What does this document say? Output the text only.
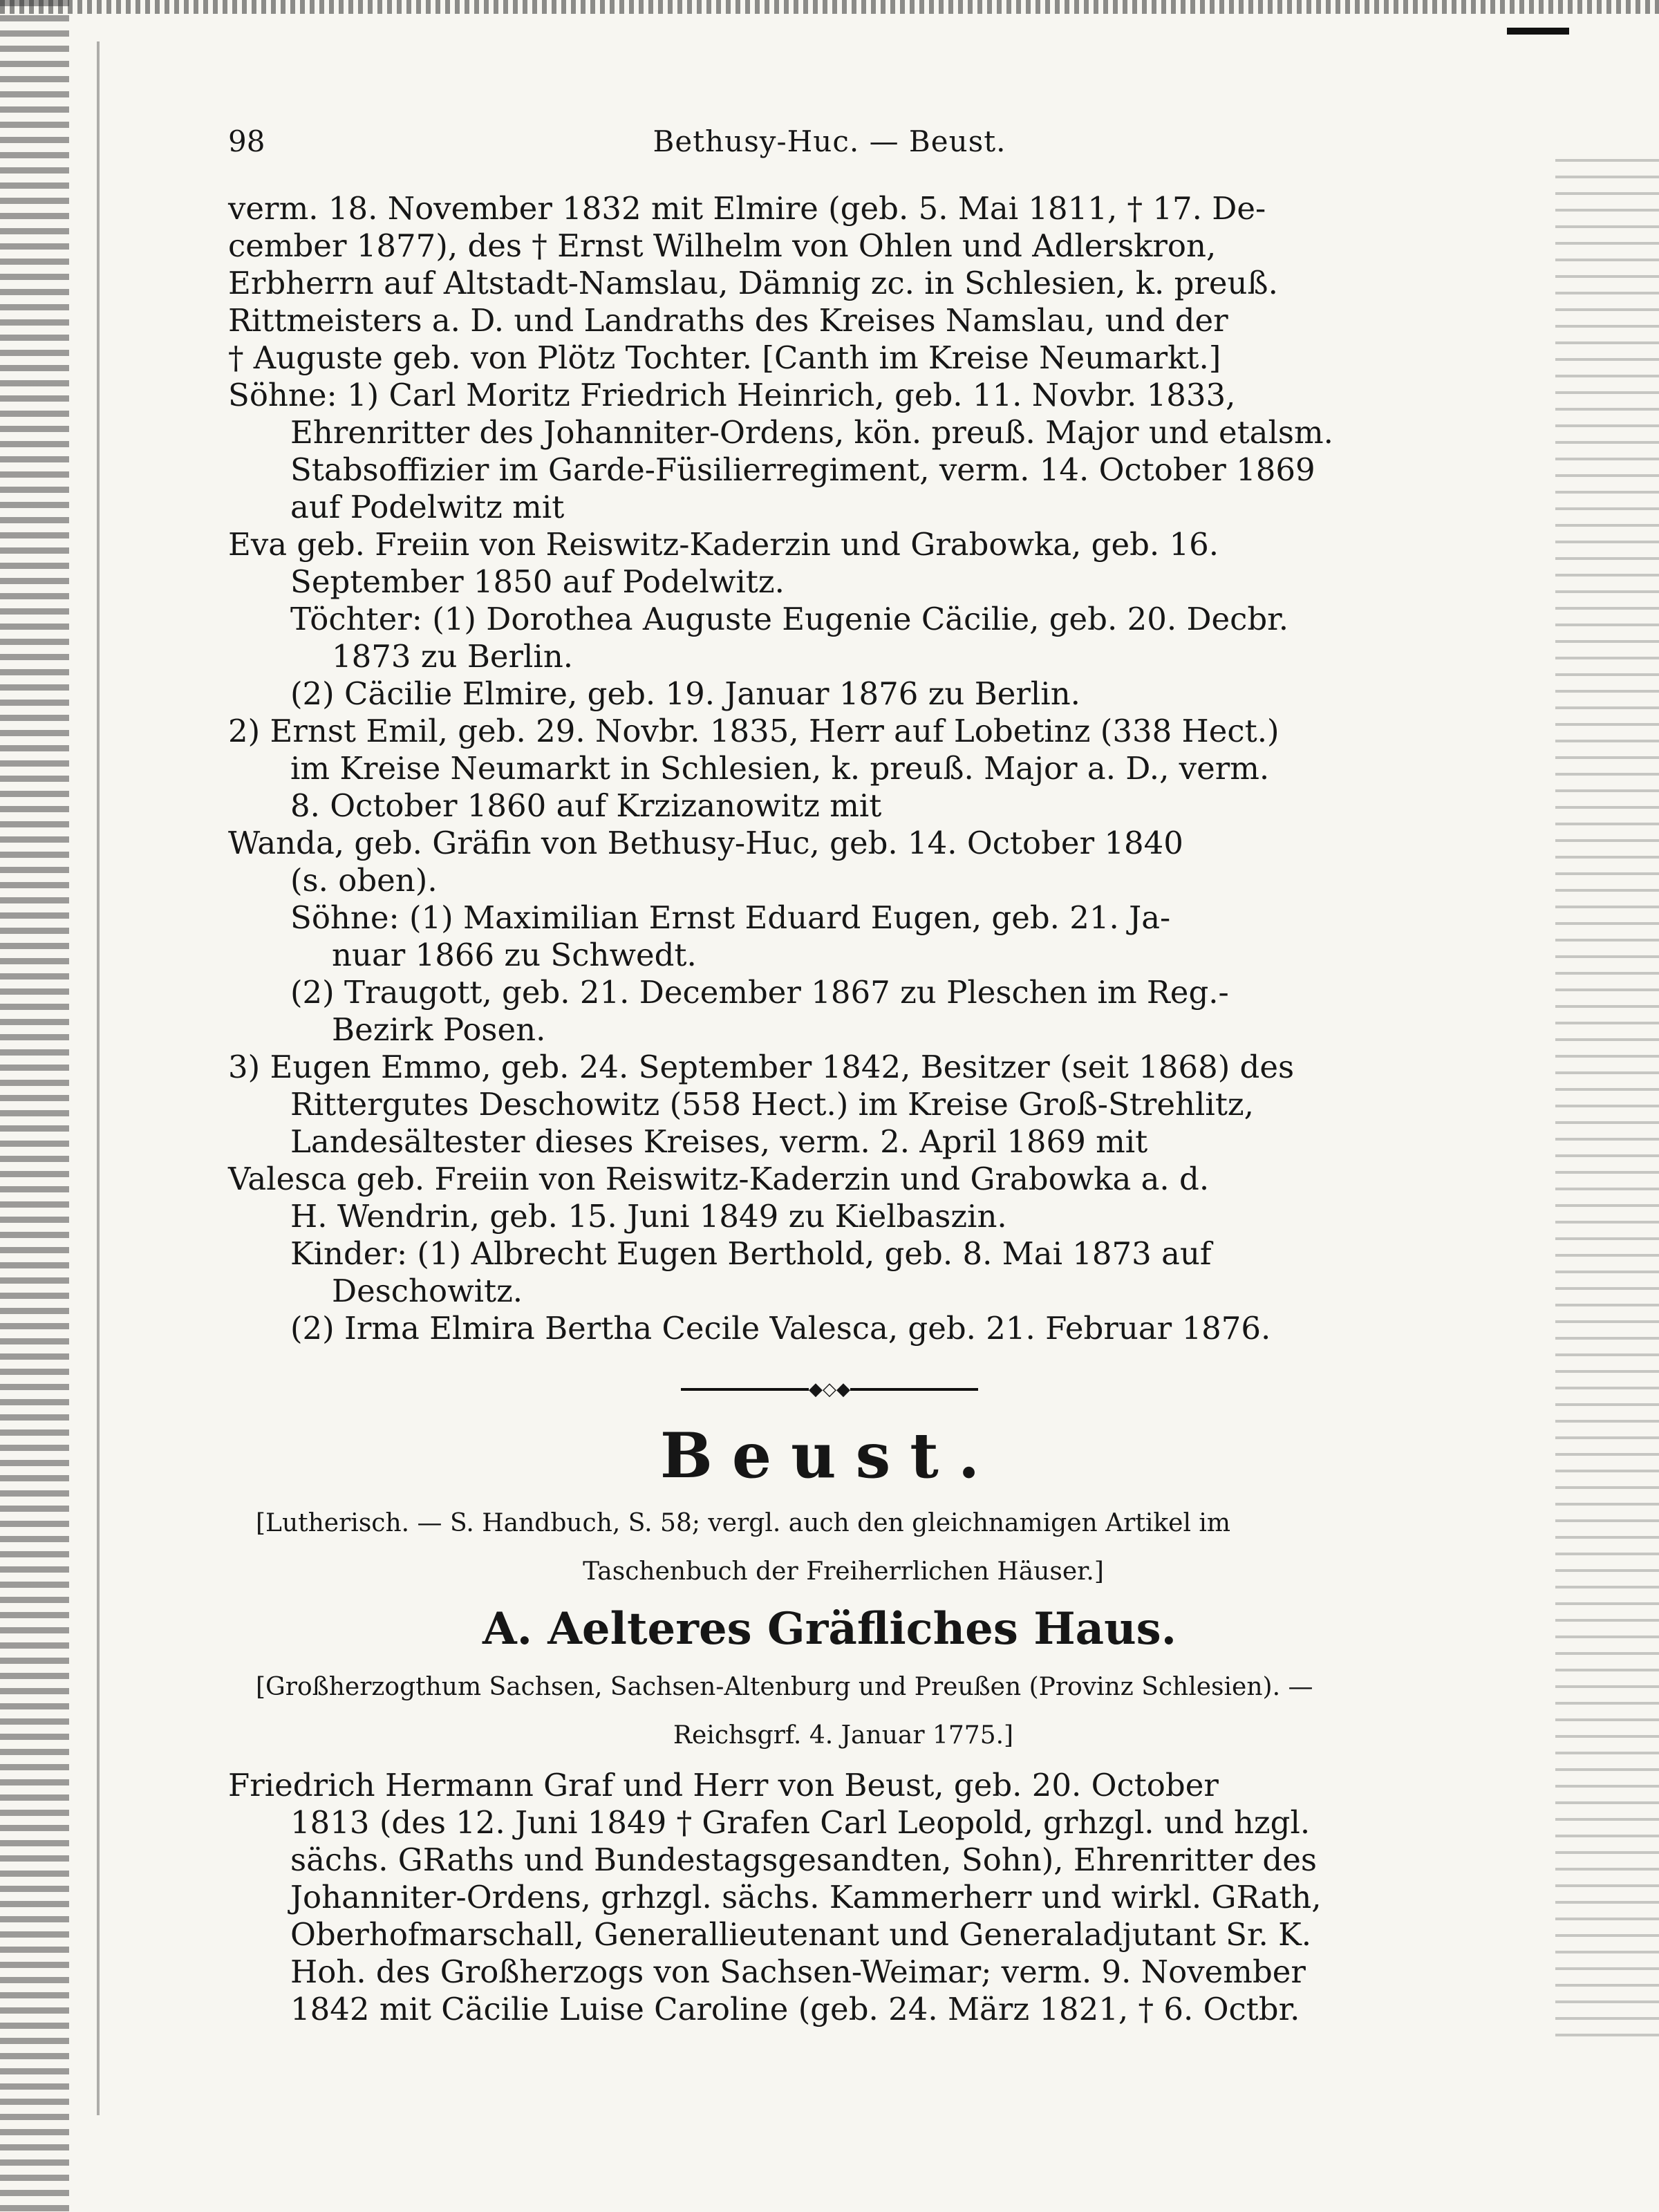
98	Bethusy-Huc. — Beust.

verm. 18. November 1832 mit Elmire (geb. 5. Mai 1811, † 17. De-

cember 1877), des † Ernst Wilhelm von Ohlen und Adlerskron,

Erbherrn auf Altstadt-Namslau, Dämnig zc. in Schlesien, k. preuß.

Rittmeisters a. D. und Landraths des Kreises Namslau, und der

† Auguste geb. von Plötz Tochter. [Canth im Kreise Neumarkt.]

Söhne: 1) Carl Moritz Friedrich Heinrich, geb. 11. Novbr. 1833,

Ehrenritter des Johanniter-Ordens, kön. preuß. Major und etalsm.

Stabsoffizier im Garde-Füsilierregiment, verm. 14. October 1869

auf Podelwitz mit

Eva geb. Freiin von Reiswitz-Kaderzin und Grabowka, geb. 16.

September 1850 auf Podelwitz.

Töchter: (1) Dorothea Auguste Eugenie Cäcilie, geb. 20. Decbr.

1873 zu Berlin.

(2) Cäcilie Elmire, geb. 19. Januar 1876 zu Berlin.

2) Ernst Emil, geb. 29. Novbr. 1835, Herr auf Lobetinz (338 Hect.)

im Kreise Neumarkt in Schlesien, k. preuß. Major a. D., verm.

8. October 1860 auf Krzizanowitz mit

Wanda, geb. Gräfin von Bethusy-Huc, geb. 14. October 1840

(s. oben).

Söhne: (1) Maximilian Ernst Eduard Eugen, geb. 21. Ja-

nuar 1866 zu Schwedt.

(2) Traugott, geb. 21. December 1867 zu Pleschen im Reg.-

Bezirk Posen.

3) Eugen Emmo, geb. 24. September 1842, Besitzer (seit 1868) des

Rittergutes Deschowitz (558 Hect.) im Kreise Groß-Strehlitz,

Landesältester dieses Kreises, verm. 2. April 1869 mit

Valesca geb. Freiin von Reiswitz-Kaderzin und Grabowka a. d.

H. Wendrin, geb. 15. Juni 1849 zu Kielbaszin.

Kinder: (1) Albrecht Eugen Berthold, geb. 8. Mai 1873 auf

Deschowitz.

(2) Irma Elmira Bertha Cecile Valesca, geb. 21. Februar 1876.

◆◇◆
Beust.

[Lutherisch. — S. Handbuch, S. 58; vergl. auch den gleichnamigen Artikel im

Taschenbuch der Freiherrlichen Häuser.]

A. Aelteres Gräfliches Haus.

[Großherzogthum Sachsen, Sachsen-Altenburg und Preußen (Provinz Schlesien). —

Reichsgrf. 4. Januar 1775.]

Friedrich Hermann Graf und Herr von Beust, geb. 20. October

1813 (des 12. Juni 1849 † Grafen Carl Leopold, grhzgl. und hzgl.

sächs. GRaths und Bundestagsgesandten, Sohn), Ehrenritter des

Johanniter-Ordens, grhzgl. sächs. Kammerherr und wirkl. GRath,

Oberhofmarschall, Generallieutenant und Generaladjutant Sr. K.

Hoh. des Großherzogs von Sachsen-Weimar; verm. 9. November

1842 mit Cäcilie Luise Caroline (geb. 24. März 1821, † 6. Octbr.
